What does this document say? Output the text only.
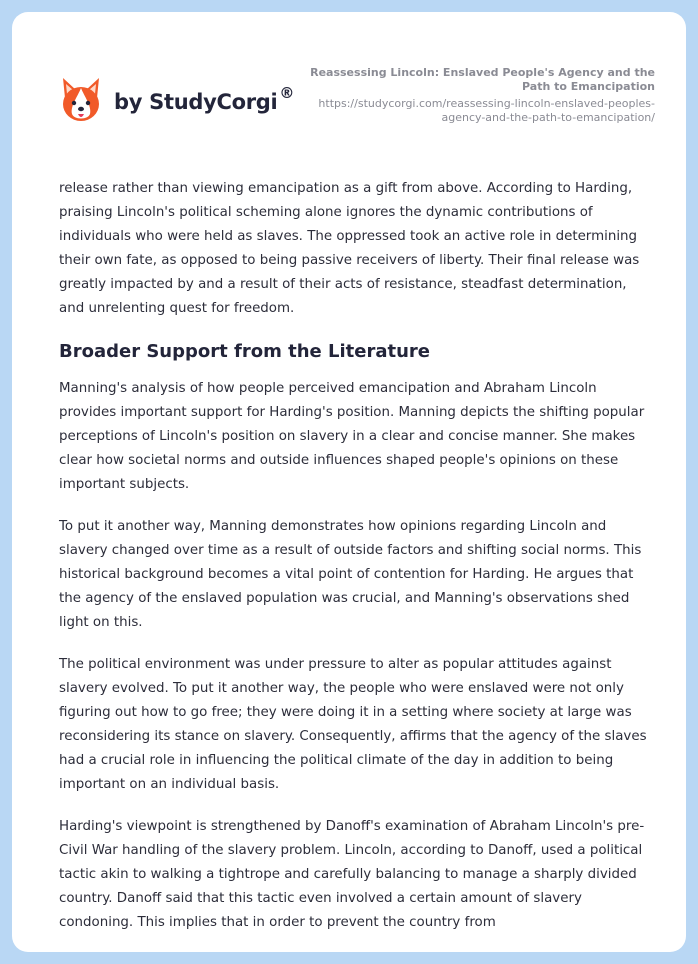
by StudyCorgi ®
Reassessing Lincoln: Enslaved People's Agency and the Path to Emancipation
https://studycorgi.com/reassessing-lincoln-enslaved-peoples-agency-and-the-path-to-emancipation/

release rather than viewing emancipation as a gift from above. According to Harding, praising Lincoln's political scheming alone ignores the dynamic contributions of individuals who were held as slaves. The oppressed took an active role in determining their own fate, as opposed to being passive receivers of liberty. Their final release was greatly impacted by and a result of their acts of resistance, steadfast determination, and unrelenting quest for freedom.

Broader Support from the Literature

Manning's analysis of how people perceived emancipation and Abraham Lincoln provides important support for Harding's position. Manning depicts the shifting popular perceptions of Lincoln's position on slavery in a clear and concise manner. She makes clear how societal norms and outside influences shaped people's opinions on these important subjects.

To put it another way, Manning demonstrates how opinions regarding Lincoln and slavery changed over time as a result of outside factors and shifting social norms. This historical background becomes a vital point of contention for Harding. He argues that the agency of the enslaved population was crucial, and Manning's observations shed light on this.

The political environment was under pressure to alter as popular attitudes against slavery evolved. To put it another way, the people who were enslaved were not only figuring out how to go free; they were doing it in a setting where society at large was reconsidering its stance on slavery. Consequently, affirms that the agency of the slaves had a crucial role in influencing the political climate of the day in addition to being important on an individual basis.

Harding's viewpoint is strengthened by Danoff's examination of Abraham Lincoln's pre-Civil War handling of the slavery problem. Lincoln, according to Danoff, used a political tactic akin to walking a tightrope and carefully balancing to manage a sharply divided country. Danoff said that this tactic even involved a certain amount of slavery condoning. This implies that in order to prevent the country from
